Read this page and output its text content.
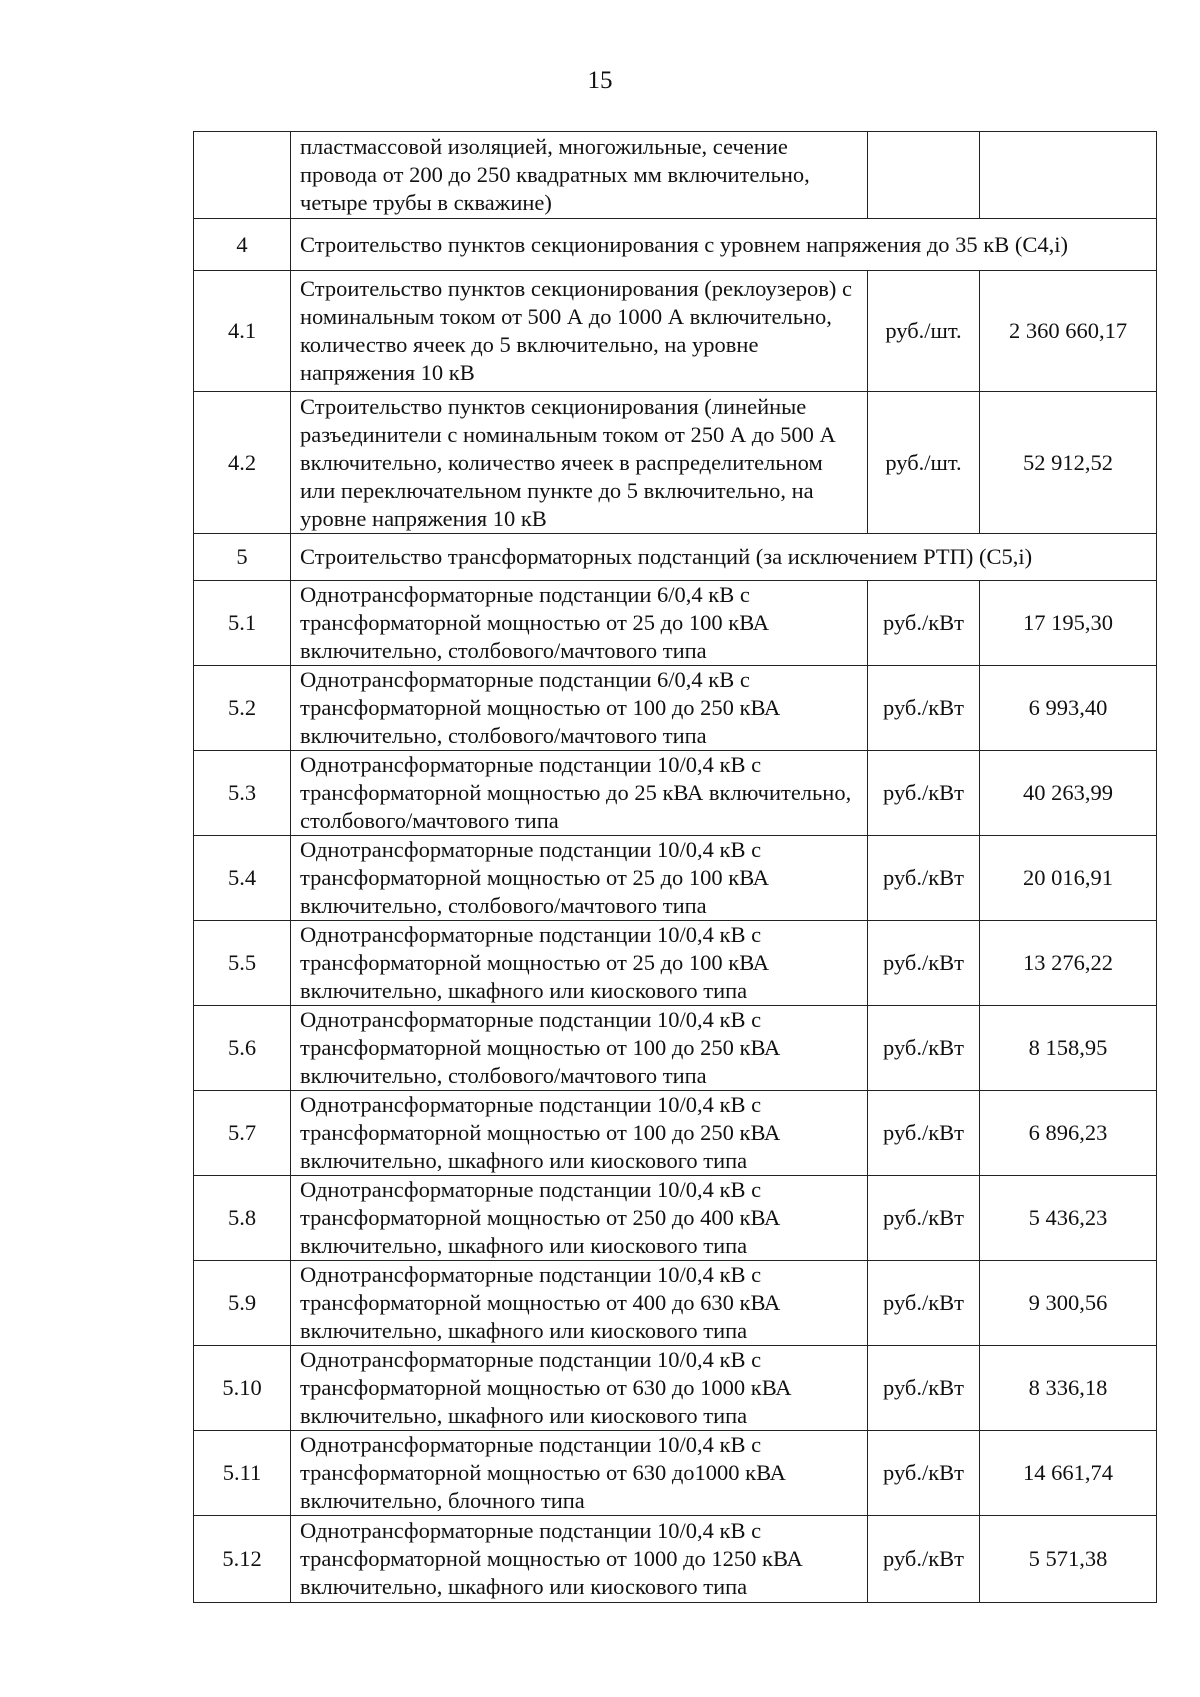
15
	пластмассовой изоляцией, многожильные, сечение провода от 200 до 250 квадратных мм включительно, четыре трубы в скважине)		
4	Строительство пунктов секционирования с уровнем напряжения до 35 кВ (С4,i)		
4.1	Строительство пунктов секционирования (реклоузеров) с номинальным током от 500 А до 1000 А включительно, количество ячеек до 5 включительно, на уровне напряжения 10 кВ	руб./шт.	2 360 660,17
4.2	Строительство пунктов секционирования (линейные разъединители с номинальным током от 250 А до 500 А включительно, количество ячеек в распределительном или переключательном пункте до 5 включительно, на уровне напряжения 10 кВ	руб./шт.	52 912,52
5	Строительство трансформаторных подстанций (за исключением РТП) (С5,i)		
5.1	Однотрансформаторные подстанции 6/0,4 кВ с трансформаторной мощностью от 25 до 100 кВА включительно, столбового/мачтового типа	руб./кВт	17 195,30
5.2	Однотрансформаторные подстанции 6/0,4 кВ с трансформаторной мощностью от 100 до 250 кВА включительно, столбового/мачтового типа	руб./кВт	6 993,40
5.3	Однотрансформаторные подстанции 10/0,4 кВ с трансформаторной мощностью до 25 кВА включительно, столбового/мачтового типа	руб./кВт	40 263,99
5.4	Однотрансформаторные подстанции 10/0,4 кВ с трансформаторной мощностью от 25 до 100 кВА включительно, столбового/мачтового типа	руб./кВт	20 016,91
5.5	Однотрансформаторные подстанции 10/0,4 кВ с трансформаторной мощностью от 25 до 100 кВА включительно, шкафного или киоскового типа	руб./кВт	13 276,22
5.6	Однотрансформаторные подстанции 10/0,4 кВ с трансформаторной мощностью от 100 до 250 кВА включительно, столбового/мачтового типа	руб./кВт	8 158,95
5.7	Однотрансформаторные подстанции 10/0,4 кВ с трансформаторной мощностью от 100 до 250 кВА включительно, шкафного или киоскового типа	руб./кВт	6 896,23
5.8	Однотрансформаторные подстанции 10/0,4 кВ с трансформаторной мощностью от 250 до 400 кВА включительно, шкафного или киоскового типа	руб./кВт	5 436,23
5.9	Однотрансформаторные подстанции 10/0,4 кВ с трансформаторной мощностью от 400 до 630 кВА включительно, шкафного или киоскового типа	руб./кВт	9 300,56
5.10	Однотрансформаторные подстанции 10/0,4 кВ с трансформаторной мощностью от 630 до 1000 кВА включительно, шкафного или киоскового типа	руб./кВт	8 336,18
5.11	Однотрансформаторные подстанции 10/0,4 кВ с трансформаторной мощностью от 630 до1000 кВА включительно, блочного типа	руб./кВт	14 661,74
5.12	Однотрансформаторные подстанции 10/0,4 кВ с трансформаторной мощностью от 1000 до 1250 кВА включительно, шкафного или киоскового типа	руб./кВт	5 571,38
